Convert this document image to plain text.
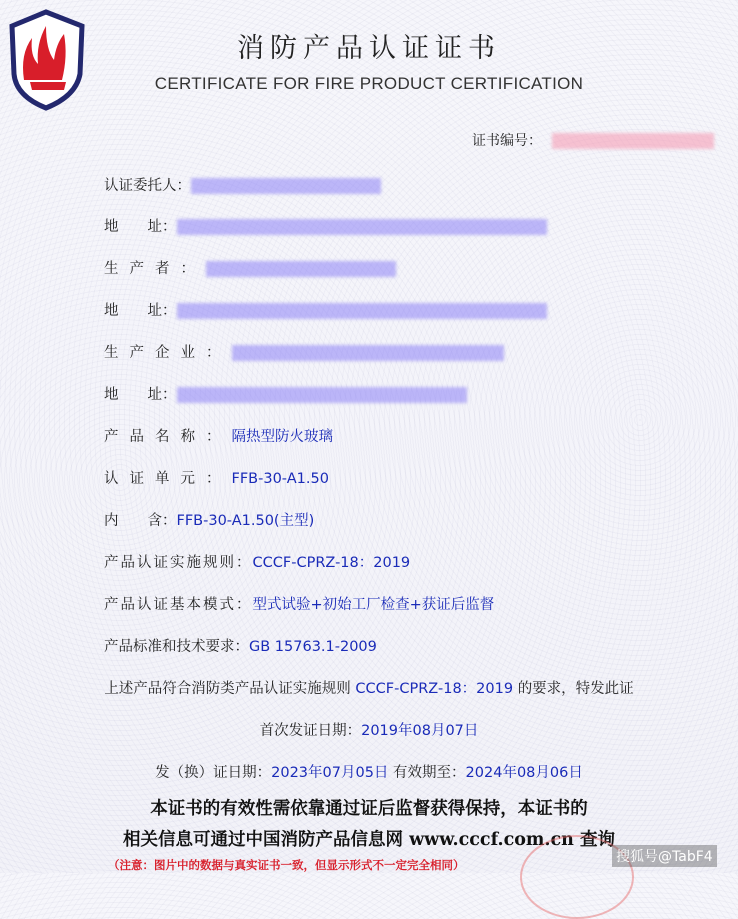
消防产品认证证书
CERTIFICATE FOR FIRE PRODUCT CERTIFICATION
证书编号：
认证委托人：
地　　址：
生产者：
地　　址：
生产企业：
地　　址：
产品名称：隔热型防火玻璃
认证单元：FFB-30-A1.50
内　　含：FFB-30-A1.50(主型)
产品认证实施规则：CCCF-CPRZ-18：2019
产品认证基本模式：型式试验+初始工厂检查+获证后监督
产品标准和技术要求：GB 15763.1-2009
上述产品符合消防类产品认证实施规则 CCCF-CPRZ-18：2019 的要求，特发此证
首次发证日期：2019年08月07日
发（换）证日期：2023年07月05日 有效期至：2024年08月06日
本证书的有效性需依靠通过证后监督获得保持，本证书的
相关信息可通过中国消防产品信息网 www.cccf.com.cn 查询
（注意：图片中的数据与真实证书一致，但显示形式不一定完全相同）	搜狐号@TabF4
